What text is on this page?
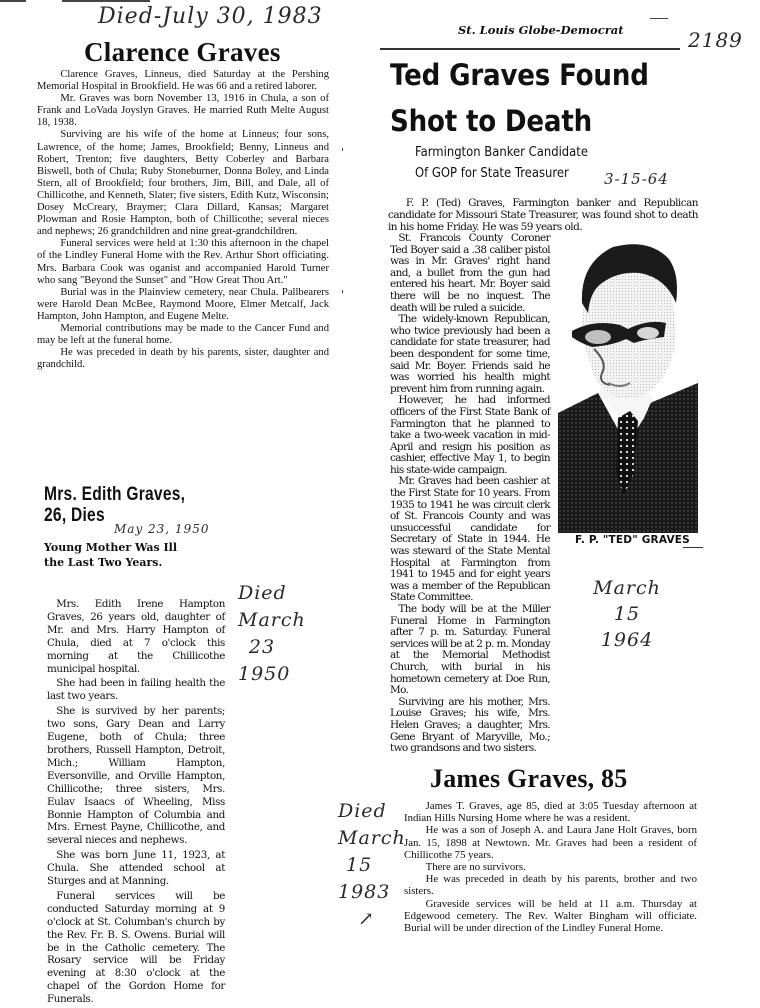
Died-July 30, 1983
Clarence Graves

Clarence Graves, Linneus, died Saturday at the Pershing Memorial Hospital in Brookfield. He was 66 and a retired laborer.

Mr. Graves was born November 13, 1916 in Chula, a son of Frank and LoVada Joyslyn Graves. He married Ruth Melte August 18, 1938.

Surviving are his wife of the home at Linneus; four sons, Lawrence, of the home; James, Brookfield; Benny, Linneus and Robert, Trenton; five daughters, Betty Coberley and Barbara Biswell, both of Chula; Ruby Stoneburner, Donna Boley, and Linda Stern, all of Brookfield; four brothers, Jim, Bill, and Dale, all of Chillicothe, and Kenneth, Slater; five sisters, Edith Kutz, Wisconsin; Dosey McCreary, Braymer; Clara Dillard, Kansas; Margaret Plowman and Rosie Hampton, both of Chillicothe; several nieces and nephews; 26 grandchildren and nine great-grandchildren.

Funeral services were held at 1:30 this afternoon in the chapel of the Lindley Funeral Home with the Rev. Arthur Short officiating. Mrs. Barbara Cook was oganist and accompanied Harold Turner who sang "Beyond the Sunset" and "How Great Thou Art."

Burial was in the Plainview cemetery, near Chula. Pallbearers were Harold Dean McBee, Raymond Moore, Elmer Metcalf, Jack Hampton, John Hampton, and Eugene Melte.

Memorial contributions may be made to the Cancer Fund and may be left at the funeral home.

He was preceded in death by his parents, sister, daughter and grandchild.

Mrs. Edith Graves,
26, Dies
May 23, 1950
Young Mother Was Ill
the Last Two Years.

Mrs. Edith Irene Hampton Graves, 26 years old, daughter of Mr. and Mrs. Harry Hampton of Chula, died at 7 o'clock this morning at the Chillicothe municipal hospital.

She had been in failing health the last two years.

She is survived by her parents; two sons, Gary Dean and Larry Eugene, both of Chula; three brothers, Russell Hampton, Detroit, Mich.; William Hampton, Eversonville, and Orville Hampton, Chillicothe; three sisters, Mrs. Eulav Isaacs of Wheeling, Miss Bonnie Hampton of Columbia and Mrs. Ernest Payne, Chillicothe, and several nieces and nephews.

She was born June 11, 1923, at Chula. She attended school at Sturges and at Manning.

Funeral services will be conducted Saturday morning at 9 o'clock at St. Columban's church by the Rev. Fr. B. S. Owens. Burial will be in the Catholic cemetery. The Rosary service will be Friday evening at 8:30 o'clock at the chapel of the Gordon Home for Funerals.

Died
March
23
1950
St. Louis Globe-Democrat	2189
Ted Graves Found
Shot to Death
Farmington Banker Candidate
Of GOP for State Treasurer	3-15-64

F. P. (Ted) Graves, Farmington banker and Republican candidate for Missouri State Treasurer, was found shot to death in his home Friday. He was 59 years old.

St. Francois County Coroner Ted Boyer said a .38 caliber pistol was in Mr. Graves' right hand and, a bullet from the gun had entered his heart. Mr. Boyer said there will be no inquest. The death will be ruled a suicide.

The widely-known Republican, who twice previously had been a candidate for state treasurer, had been despondent for some time, said Mr. Boyer. Friends said he was worried his health might prevent him from running again.

However, he had informed officers of the First State Bank of Farmington that he planned to take a two-week vacation in mid-April and resign his position as cashier, effective May 1, to begin his state-wide campaign.

Mr. Graves had been cashier at the First State for 10 years. From 1935 to 1941 he was circuit clerk of St. Francois County and was unsuccessful candidate for Secretary of State in 1944. He was steward of the State Mental Hospital at Farmington from 1941 to 1945 and for eight years was a member of the Republican State Committee.

The body will be at the Miller Funeral Home in Farmington after 7 p. m. Saturday. Funeral services will be at 2 p. m. Monday at the Memorial Methodist Church, with burial in his hometown cemetery at Doe Run, Mo.

Surviving are his mother, Mrs. Louise Graves; his wife, Mrs. Helen Graves; a daughter, Mrs. Gene Bryant of Maryville, Mo.; two grandsons and two sisters.

F. P. "TED" GRAVES
March
15
1964
James Graves, 85
Died
March
15
1983
↗

James T. Graves, age 85, died at 3:05 Tuesday afternoon at Indian Hills Nursing Home where he was a resident.

He was a son of Joseph A. and Laura Jane Holt Graves, born Jan. 15, 1898 at Newtown. Mr. Graves had been a resident of Chillicothe 75 years.

There are no survivors.

He was preceded in death by his parents, brother and two sisters.

Graveside services will be held at 11 a.m. Thursday at Edgewood cemetery. The Rev. Walter Bingham will officiate. Burial will be under direction of the Lindley Funeral Home.
